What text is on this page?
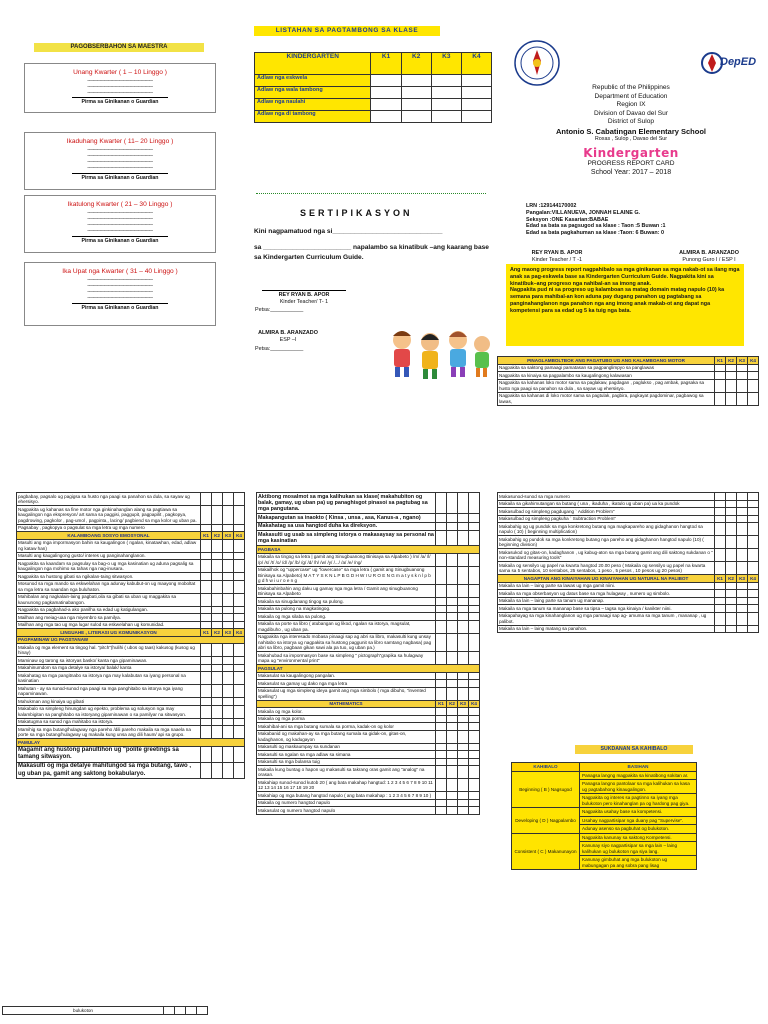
PAGOBSERBAHON SA MAESTRA
Unang Kwarter ( 1 – 10 Linggo )
------------------------------------------------
------------------------------------------------
------------------------------------------------
Pirma sa Ginikanan o Guardian
Ikaduhang Kwarter ( 11– 20 Linggo )
------------------------------------------------
------------------------------------------------
------------------------------------------------
------------------------------------------------
Pirma sa Ginikanan o Guardian
Ikatulong Kwarter ( 21 – 30 Linggo )
------------------------------------------------
------------------------------------------------
------------------------------------------------
------------------------------------------------
Pirma sa Ginikanan o Guardian
Ika Upat nga Kwarter ( 31 – 40 Linggo )
------------------------------------------------
------------------------------------------------
------------------------------------------------
------------------------------------------------
Pirma sa Ginikanan o Guardian
LISTAHAN SA PAGTAMBONG SA KLASE
KINDERGARTEN	K1	K2	K3	K4
Adlaw nga eskwela				
Adlaw nga wala tambong				
Adlaw nga naulahi				
Adlaw nga di tambong				
SERTIPIKASYON
Kini nagpamatuod nga si______________________________
sa ________________________ napalambo sa kinatibuk –ang kaarang base sa Kindergarten Curriculum Guide.
REY RYAN B. APOR
Kinder Teacher/ T- 1
Petsa:___________
ALMIRA B. ARANZADO
ESP –I
Petsa:___________
DepED
Republic of the Philippines
Department of Education
Region IX
Division of Davao del Sur
District of Sulop
Antonio S. Cabatingan Elementary School
Roxas , Sulop , Davao del Sur
Kindergarten
PROGRESS REPORT CARD
School Year: 2017 – 2018
LRN :129144170002
Pangalan:VILLANUEVA, JONNAH ELAINE G.
Seksyon :ONE Kasarian:BABAE
Edad sa bata sa pagsugod sa klase : Taon :5 Buwan :1
Edad sa bata pagkahuman sa klase :Taon: 6 Buwan: 0
REY RYAN B. APOR
Kinder Teacher / T -1
ALMIRA B. ARANZADO
Punong Guro I / ESP I
Ang maong progress report nagpahibalo sa mga ginikanan sa mga nakab-ot sa ilang mga anak sa pag-eskwela base sa Kindergarten Curriculum Guide. Nagpakita kini sa kinatibuk–ang progreso nga nahibal-an sa imong anak.
Nagpakita pud ni sa progreso ug kalamboan sa matag domain matag napulo (10) ka semana para mahibal-an kon aduna pay dugang panahon ug pagtabang sa panginahanglanon nga panahon nga ang imong anak makab-ot ang dapat nga kompetensi para sa edad ug 5 ka tuig nga bata.
PINAGLAMBOLTBOK ANG PAGATUBO UG ANG KALAMBOANG MOTOR	K1	K2	K3	K4
Nagpakita sa saktong pamaagi pamatasan sa pagpanglimpyo sa panglawas				
Nagpakita sa kinaiya sa pagpalambo sa kaugalingong kalawasan				
Nagpakita sa kahanas loko motor sama sa paglakaw, pagdagan , paglukso , pag ambak, pagsaka sa husto nga paagi sa panahon sa dula , sa sayaw ug ehersisyo.				
Nagpakita sa kahanas di loko motor sama sa pagtulak, pagbira, pagkayat pagdominar, pagbawog sa lawas,				
pagbabay, pagsalo ug pagigsa sa husto nga paagi sa panahon sa dula, sa sayaw ug ehersisyo.				
Nagpakita ug kahanas sa fine motor nga ginkinahanglan alang sa pagtiawa sa kaugalingon nga ekspresyon/ art sama sa paggisi, paggupit, pagpapilit , pagkopya, pagdrowing, pagkolor , pag-umol , pagpinta,, lacing/ pagbiend sa mga kolor ug uban pa.				
Pagsabay , pagkopya o pagsulat sa mga letra ug mga numero				
KALAMBOANG SOSYO EMOSYONAL	K1	K2	K3	K4
Masulti ang mga impormasyon bahin sa kaugalingon ( ngalan, kinatawhan, edad, adlaw ng kataw han)				
Masulti ang kaugalingong gusto/ interes ug panginahanglanon.				
Nagpakita sa kaandam sa pagsulay sa bag-o ug mga kasinatian ug aduna pagsalig sa kaugalingon nga mohimo sa tahas nga nag-inusara.				
Nagpakita sa hustong gibati sa ngikalan-taing sitwasyon.				
Mosunod sa mga mando sa eskwelahan nga adunay kabubut-on ug maayong moboltat sa mga letra sa naandan nga buluhaton.				
Mahibalan ang nagkalain-laing pagbati,oila sa gibati sa uban ug maggakita sa kaununong pagkamatinabangon.				
Nagpakita sa pagbahad-a ako panilha sa edad ug katigulangan.				
Mailhan ang meiag-uaa nga miyembro sa pamilya.				
Mailhan ang mga tao ug mga lugar sulod sa eskwelahan ug komunidad.				
LINGUAHE , LITERASI UG KOMUNIKASYON	K1	K2	K3	K4
PAGPAMINAW UG PAGSTANAW				
Makaila og mga element sa tingog hal. "pitch"(hulihi ( ubos og taas) kakusog (kusog ug hinay)				
Maminaw og tarong sa istoryas basko/ kanta nga gipaminawan.				
Makahinumdom sa mga detalye sa istorya/ balak/ kanta				
Makahatag sa mga pangitnabo sa istorya nga may kalabutan sa iyang personal na kasinatian				
Mahutan - ay sa sunod-sunod nga paagi sa mga panghitabo sa istorya nga iyang napaminawan.				
Mahukman ang kinaiya ug gibati				
Makabalo sa simpleng hinungdan ug epekto, problema ug solusyon nga may kalambigitan sa panghitabo sa istoryang gipaminawan o sa pamilyar na sitwasyon.				
Makatugma sa sunod nga mahitabo sa istorya.				
Mamihig sa mga butang/hulagway nga pareho /dili pareho makaila sa mga naaela na porte sa mga butang/hulagway ug makaila kung unsa ang dili haum/ api sa grupo.				
PAMULAY				
Magamit ang hustong panultihon ug "polite greetings sa tamang sitwasyon.				
Makasulti og mga detalye mahitungod sa mga butang, tawo , ug uban pa, gamit ang saktong bokabularyo.				
Aktibong mosalmot sa mga kalihukan sa klase( makahubiton og balak, gamay, ug uban pa) ug panaghisgot pinasoi sa pagtubag sa mga pangutana.				
Makapangutan sa inaokto ( Kinsa , unsa , asa, Kanus-a , ngano)				
Makahatag sa usa hangtod duha ka direksyon.				
Makasulti ug usab sa simpleng istorya o makasaysay sa personal na mga kasinatian				
PAGBASA				
Makaila sa tingog sa letra | gamit ang Sinugbuanong Binisaya sa Alpabeto ) /m/ /a/ /l/ /p/ /s/ /t/ /o/ /d/ /p/ /b/ /g/ /d/ /h/ /w/ /y/ /.../ /a/ /e/ /ng/				
Makailhok og "uppercase" ug "lowercase" sa mga letra ( gamit ang Sinugbuanong Binisaya sa Alpabeto) M A T Y S K N L P B G D H W I U R O E N G m a t y s k n l p b g d h w i u r o e n g				
Makabahinbahin ang daku ug gamay nga mga letra / Gamit ang sinugbuanong Binisaya sa Alpabeto				
Makaila sa sinugdanang tingog sa pulong.				
Makaila sa pulong na magkatingog.				
Makaila og mga silaba sa pulong.				
Makaila sa porte sa libro ( atubangan ug likod, ngalan sa istorya, magsulat, magdibuho , ug uban pa.				
Nagpakita nga interesado mobasa pinaagi sap ag abri sa libro, makasulti kung unsay nahitabo sa istorya ug nagpakita sa hustong paggunit sa libro samtang nagbasa( pag abri sa libro, pagbaan gikan sawi ala pa tuo, ug uban pa.)				
Makahubad sa impormasyon base sa simpleng " pictograph"grapika sa hulagway mapa ug "environmental print"				
PAGSULAT				
Makasulat sa kaugalingong pangalan.				
Makasulat sa gamay ug dako nga mga letra				
Makasulat ug mga simpleng ideya gamit ang mga simbolo ( mga dibuho, "invented spelling")				
MATHEMATICS	K1	K2	K3	K4
Makaila og mga kolor.				
Makaila og mga porma				
Makahibal-ani sa mga butang sumala sa porma, kadak-on og kolor				
Makabanid og makahan-ay sa mga butang sumala sa gidak-on, gitas-on, kadaghanon, og kadugayon				
Makasulti og maskaumpay sa sundanan				
Makasulti sa ngalan sa mga adlaw sa simana				
Makasulti sa mga bulansa tuig				
Makaila kung buntag o hapon ug makasulti sa takrang oras gamit ang "analog" na orasan.				
Makahiap sunod-sunod kutob 20 ( ang bata makahap hangtud: 1 2 3 4 5 6 7 8 9 10 11 12 13 14 15 16 17 18 19 20				
Makahiap og mga butang hangtod napulo ( ang bata makahap : 1 2 3 4 5 6 7 8 9 10 )				
Makaila og numero hangtod napulo				
Makasulat og numero hangtod napulo				
Makasunod-sunod sa mga numero				
Makaila sa gikahimutangan sa butang ( una , ikaduha , ikatulo ug uban pa) ua ka pundok				
Makasulbad og simpleng pagdugang ` Addition Problem"				
Makasulbad og simpleng pagkuha ` Subtraction Problem"				
Makabahig og ug pundok sa mga konkretong butang nga magkapareho ang gidaghanon hangtod sa napulo ( 10) ( beginning multiplication)				
Makabahig og pundok sa mga konkretong butang nga pareho ang gidaghanon hangtod napulo (10) ( beginning division)				
Makasukod og gitas-on, kadaghanon , ug kabug-aton sa mga butang gamit ang dili saktong sukdanan o " non-standard measuring tools"				
Makaila og sensilyo ug papel na kwarta hangtod 20.00 peso ( Makaila og sensilyo ug papel na kwarta sama sa 5 sentabos, 10 sentabos, 25 sentabos, 1 peso , 5 pesos , 10 pesos ug 20 pesos)				
NAGAPTAN ANG KINAIYAHAN UG KINAIYAHAN UG NATURAL NA PALIBOT	K1	K2	K3	K4
Makaila sa lain – laing parte sa lawas ug mga gamit niini.				
Makaila sa mga obserbasyon ug datus base sa mga hulagway , numero ug simbolo.				
Makaila sa lain – laing parte sa tanum ug mananap.				
Makaila sa mga tanum sa mananap base sa tipsa – tagsa nga kinaiya / kanikter niini.				
Makapahayag sa mga kinahanglanon ug mga pamaagi sap ag- amuma sa mga tanum , mananap , ug palibot.				
Makaila sa lain – laing matang sa panahon.				
SUKDANAN SA KAHIBALO
KAHIBALO	BASIHAN
Beginning ( B ) Nagsugod	Panagsa langng magpakita sa kinatibong sokitan ar.
	Panagsa langno pantolaar sa mga kalihukan sa kasa ug pagtabahong kinaugalingon.
	Nagpakita og interes sa pagtinno sa iyang mga bulukoton pero kinahanglan pa og hardong pag giya.
Developing ( D ) Nagpalambo	Nagpakita usahay base sa kompetensi.
	Usahay nagpartisipar nga duany pag "Supervise".
	Adunay asenso sa pagbuhat og bulukoton.
Consistent ( C ) Makanunayon	Nagpakita kanunay sa saktong Kompetensi.
	Kanunay siyo nagpartisipar sa mga lain – laing kalihukan ug bulukoton nga siya lang.
	Kanunay gimbuhat ang mga bulukoton ug mabungagan pa ang sobra pang lisag
bulukoton				
